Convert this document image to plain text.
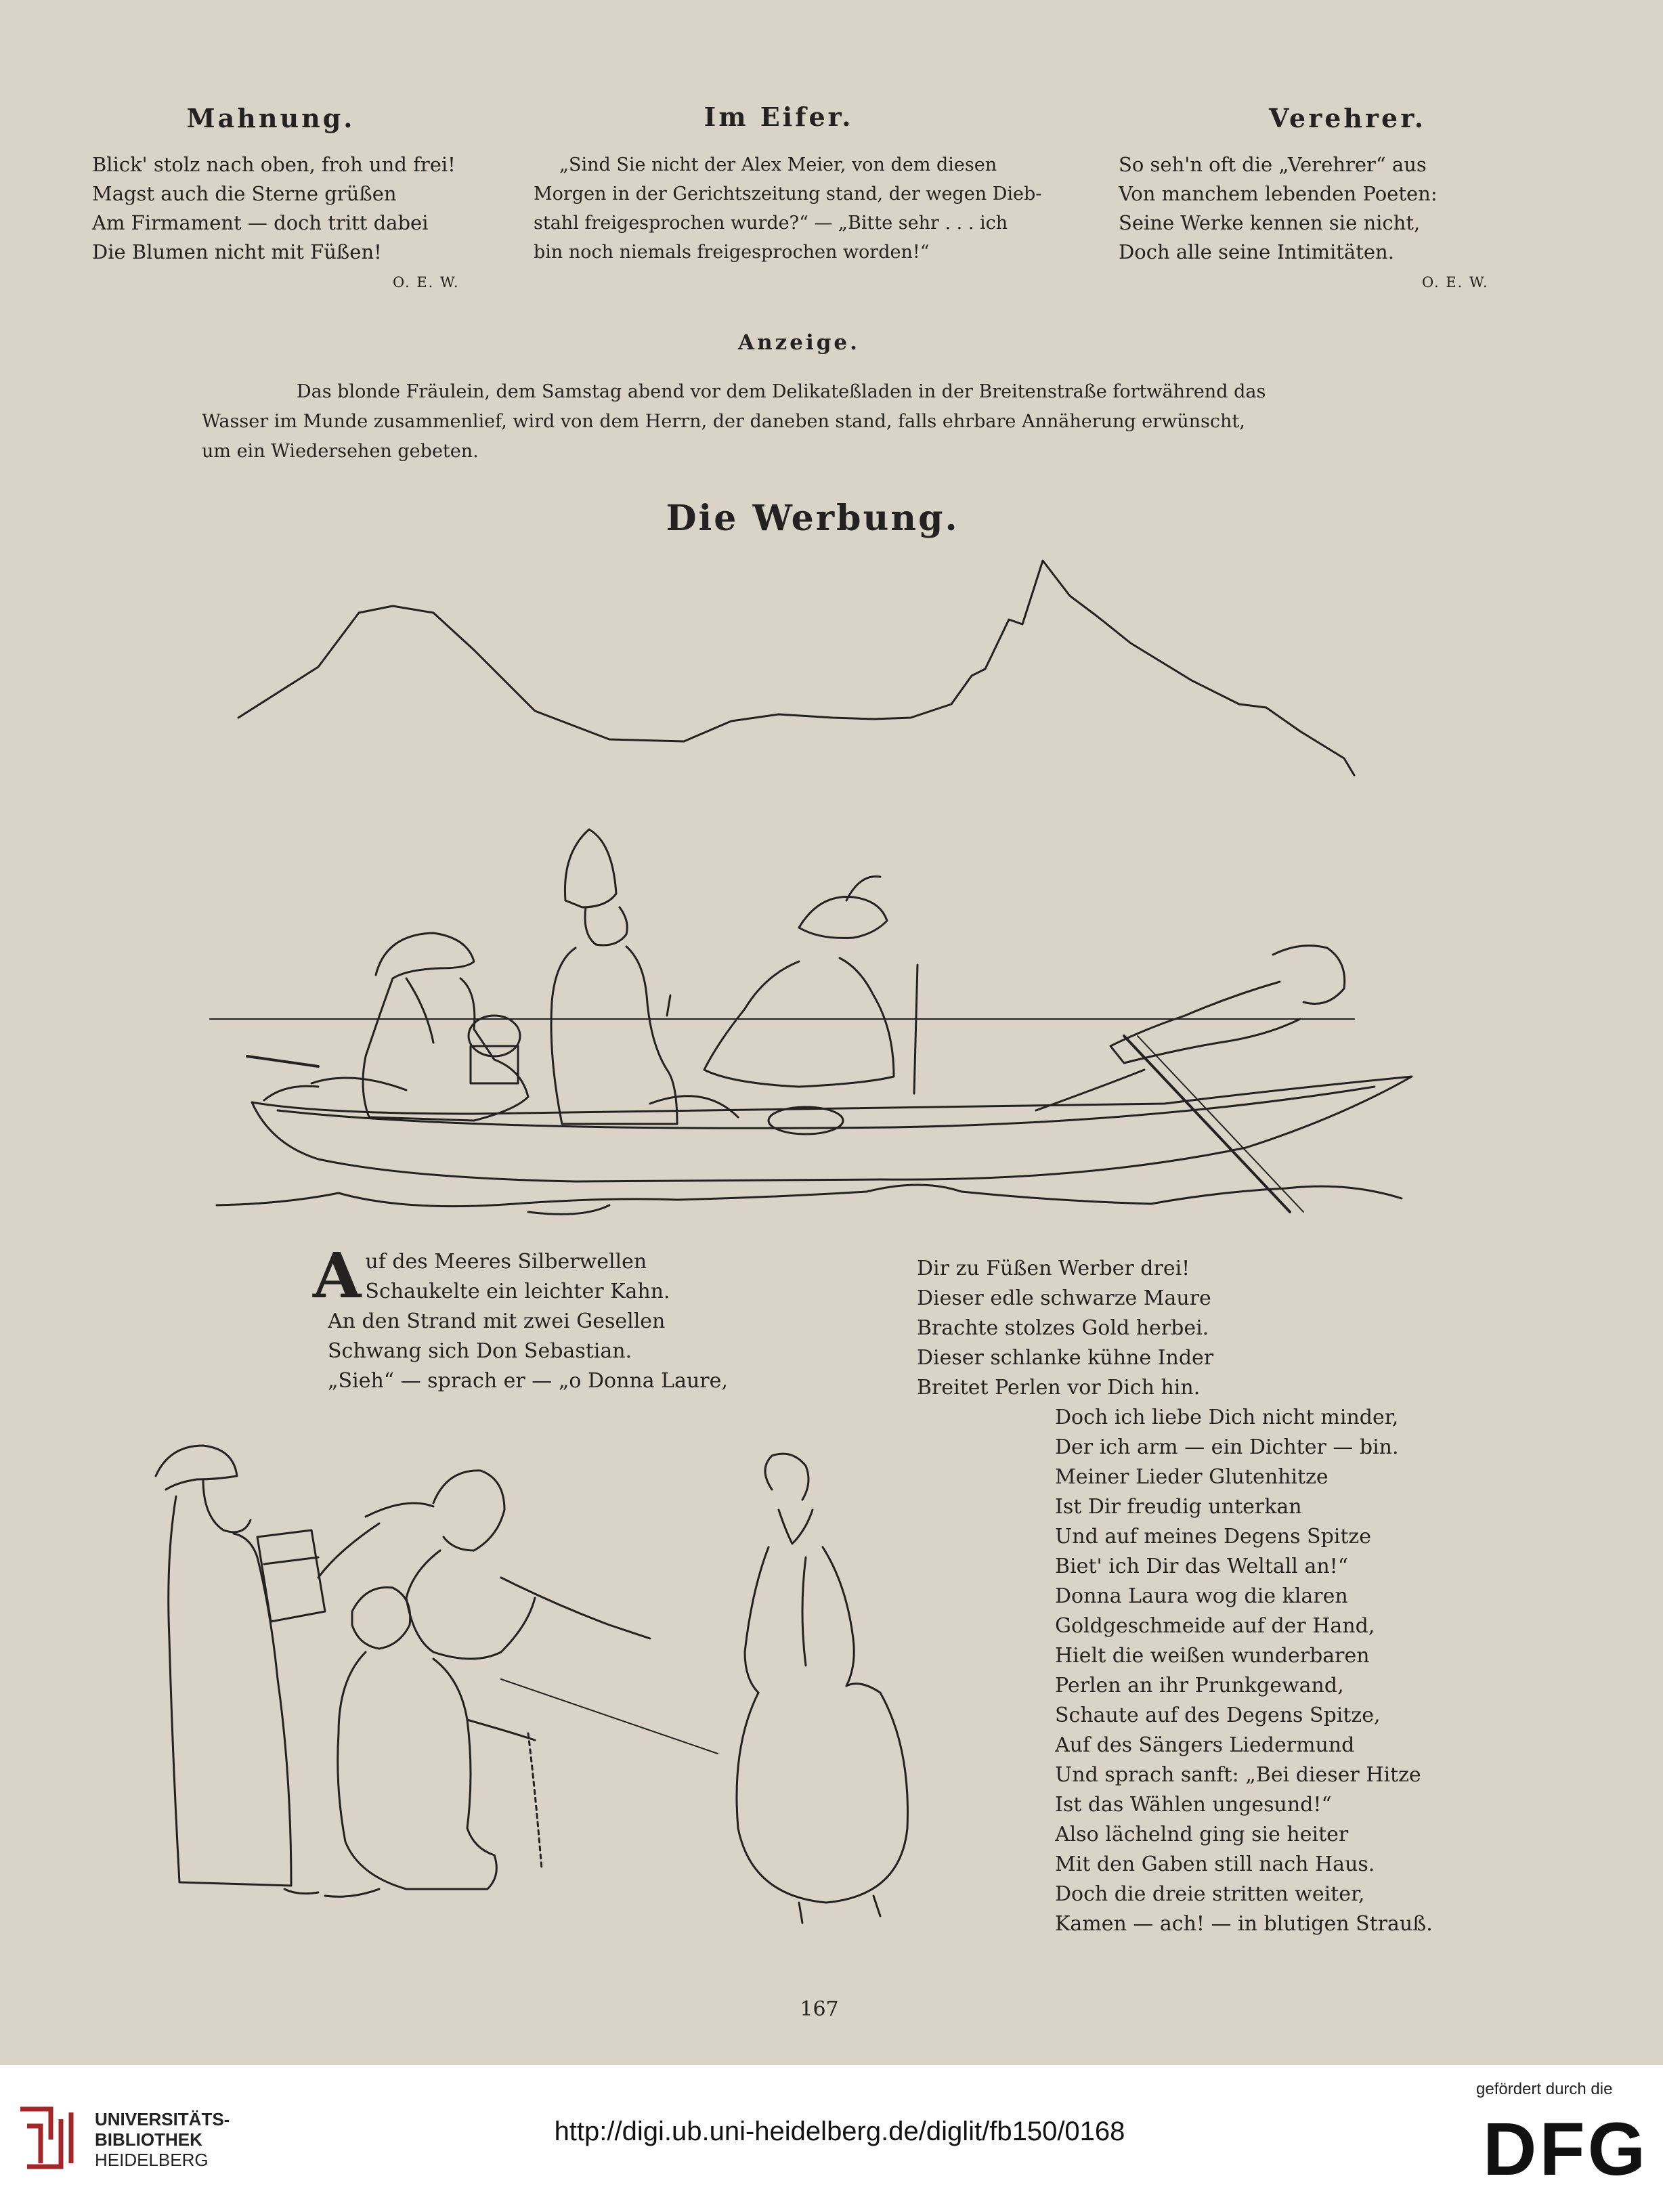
Mahnung.
Blick' stolz nach oben, froh und frei!
Magst auch die Sterne grüßen
Am Firmament — doch tritt dabei
Die Blumen nicht mit Füßen!
O. E. W.
Im Eifer.
„Sind Sie nicht der Alex Meier, von dem diesen
Morgen in der Gerichtszeitung stand, der wegen Dieb-
stahl freigesprochen wurde?“ — „Bitte sehr . . . ich
bin noch niemals freigesprochen worden!“
Verehrer.
So seh'n oft die „Verehrer“ aus
Von manchem lebenden Poeten:
Seine Werke kennen sie nicht,
Doch alle seine Intimitäten.
O. E. W.
Anzeige.
Das blonde Fräulein, dem Samstag abend vor dem Delikateßladen in der Breitenstraße fortwährend das
Wasser im Munde zusammenlief, wird von dem Herrn, der daneben stand, falls ehrbare Annäherung erwünscht,
um ein Wiedersehen gebeten.
Die Werbung.
A uf des Meeres Silberwellen
Schaukelte ein leichter Kahn.
An den Strand mit zwei Gesellen
Schwang sich Don Sebastian.
„Sieh“ — sprach er — „o Donna Laure,
Dir zu Füßen Werber drei!
Dieser edle schwarze Maure
Brachte stolzes Gold herbei.
Dieser schlanke kühne Inder
Breitet Perlen vor Dich hin.
Doch ich liebe Dich nicht minder,
Der ich arm — ein Dichter — bin.
Meiner Lieder Glutenhitze
Ist Dir freudig unterkan
Und auf meines Degens Spitze
Biet' ich Dir das Weltall an!“
Donna Laura wog die klaren
Goldgeschmeide auf der Hand,
Hielt die weißen wunderbaren
Perlen an ihr Prunkgewand,
Schaute auf des Degens Spitze,
Auf des Sängers Liedermund
Und sprach sanft: „Bei dieser Hitze
Ist das Wählen ungesund!“
Also lächelnd ging sie heiter
Mit den Gaben still nach Haus.
Doch die dreie stritten weiter,
Kamen — ach! — in blutigen Strauß.
167
UNIVERSITÄTS-
BIBLIOTHEK
HEIDELBERG
http://digi.ub.uni-heidelberg.de/diglit/fb150/0168
gefördert durch die
DFG
